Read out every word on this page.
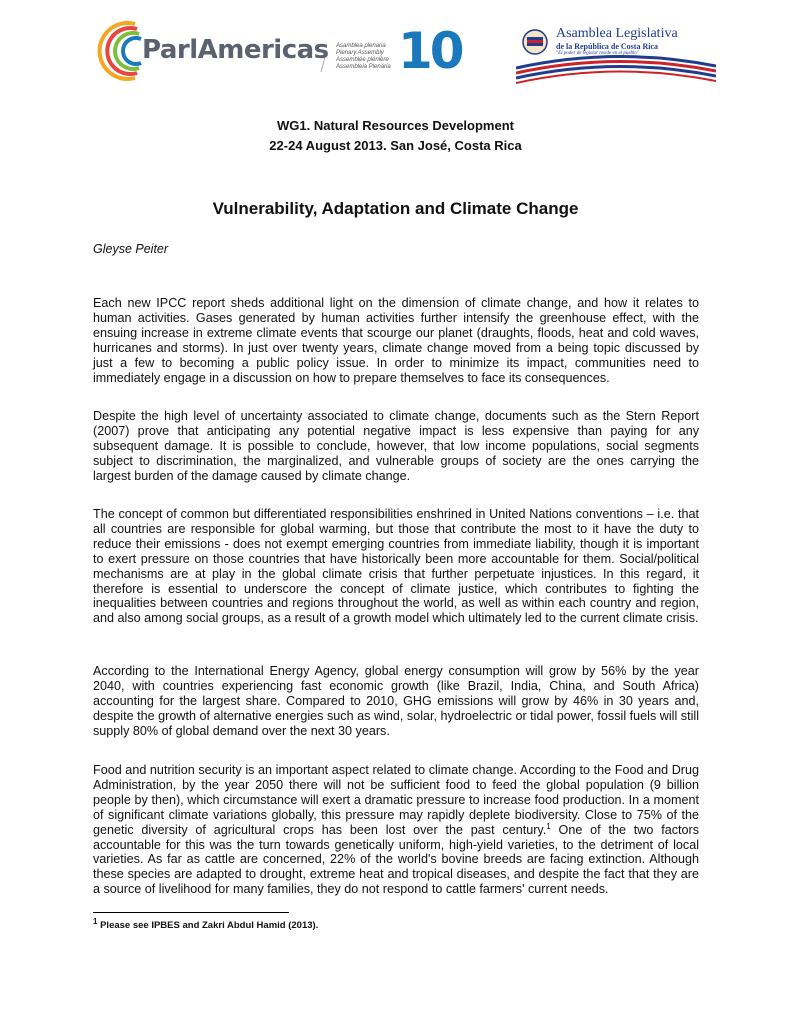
ParlAmericas Asamblea plenaria
Plenary Assembly
Assemblée plénière
Assembleia Plenária 10	Asamblea Legislativa
de la República de Costa Rica
"El poder de legislar reside en el pueblo"
WG1. Natural Resources Development
22-24 August 2013. San José, Costa Rica
Vulnerability, Adaptation and Climate Change
Gleyse Peiter

Each new IPCC report sheds additional light on the dimension of climate change, and how it relates to human activities. Gases generated by human activities further intensify the greenhouse effect, with the ensuing increase in extreme climate events that scourge our planet (draughts, floods, heat and cold waves, hurricanes and storms). In just over twenty years, climate change moved from a being topic discussed by just a few to becoming a public policy issue. In order to minimize its impact, communities need to immediately engage in a discussion on how to prepare themselves to face its consequences.

Despite the high level of uncertainty associated to climate change, documents such as the Stern Report (2007) prove that anticipating any potential negative impact is less expensive than paying for any subsequent damage. It is possible to conclude, however, that low income populations, social segments subject to discrimination, the marginalized, and vulnerable groups of society are the ones carrying the largest burden of the damage caused by climate change.

The concept of common but differentiated responsibilities enshrined in United Nations conventions – i.e. that all countries are responsible for global warming, but those that contribute the most to it have the duty to reduce their emissions - does not exempt emerging countries from immediate liability, though it is important to exert pressure on those countries that have historically been more accountable for them. Social/political mechanisms are at play in the global climate crisis that further perpetuate injustices. In this regard, it therefore is essential to underscore the concept of climate justice, which contributes to fighting the inequalities between countries and regions throughout the world, as well as within each country and region, and also among social groups, as a result of a growth model which ultimately led to the current climate crisis.

According to the International Energy Agency, global energy consumption will grow by 56% by the year 2040, with countries experiencing fast economic growth (like Brazil, India, China, and South Africa) accounting for the largest share. Compared to 2010, GHG emissions will grow by 46% in 30 years and, despite the growth of alternative energies such as wind, solar, hydroelectric or tidal power, fossil fuels will still supply 80% of global demand over the next 30 years.

Food and nutrition security is an important aspect related to climate change. According to the Food and Drug Administration, by the year 2050 there will not be sufficient food to feed the global population (9 billion people by then), which circumstance will exert a dramatic pressure to increase food production. In a moment of significant climate variations globally, this pressure may rapidly deplete biodiversity. Close to 75% of the genetic diversity of agricultural crops has been lost over the past century.$^1$ One of the two factors accountable for this was the turn towards genetically uniform, high-yield varieties, to the detriment of local varieties. As far as cattle are concerned, 22% of the world's bovine breeds are facing extinction. Although these species are adapted to drought, extreme heat and tropical diseases, and despite the fact that they are a source of livelihood for many families, they do not respond to cattle farmers' current needs.

$^1$ Please see IPBES and Zakri Abdul Hamid (2013).
